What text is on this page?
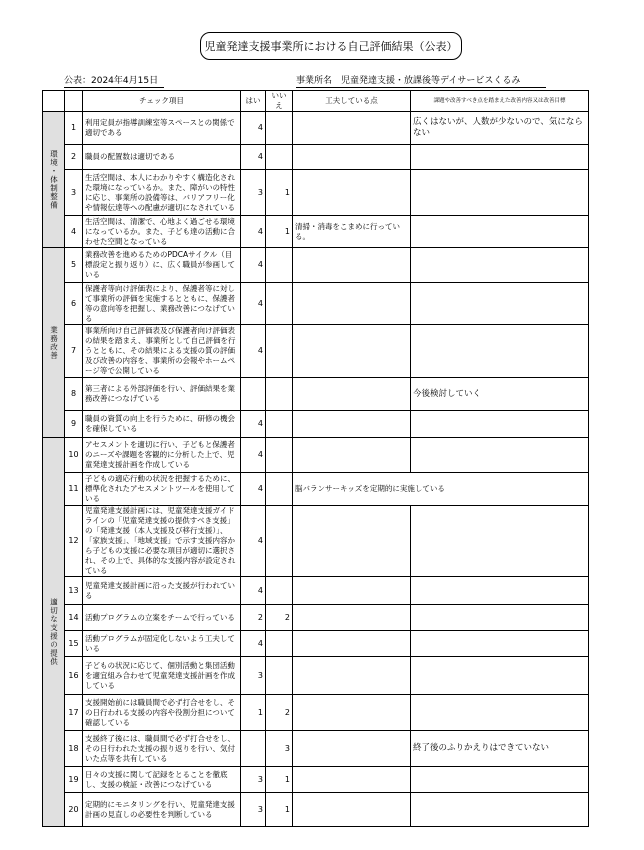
児童発達支援事業所における自己評価結果（公表）
公表：2024年4月15日	事業所名　児童発達支援・放課後等デイサービスくるみ
		チェック項目	はい	いいえ	工夫している点	課題や改善すべき点を踏まえた改善内容又は改善目標

環境・体制整備	1	利用定員が指導訓練室等スペースとの関係で適切である	4			広くはないが、人数が少ないので、気にならない
	2	職員の配置数は適切である	4			
	3	生活空間は、本人にわかりやすく構造化された環境になっているか。また、障がいの特性に応じ、事業所の設備等は、バリアフリー化や情報伝達等への配慮が適切になされている	3	1		
	4	生活空間は、清潔で、心地よく過ごせる環境になっているか。また、子ども達の活動に合わせた空間となっている	4	1	清掃・消毒をこまめに行っている。	

業務改善	5	業務改善を進めるためのPDCAサイクル（目標設定と振り返り）に、広く職員が参画している	4			
	6	保護者等向け評価表により、保護者等に対して事業所の評価を実施するとともに、保護者等の意向等を把握し、業務改善につなげている	4			
	7	事業所向け自己評価表及び保護者向け評価表の結果を踏まえ、事業所として自己評価を行うとともに、その結果による支援の質の評価及び改善の内容を、事業所の会報やホームページ等で公開している	4			
	8	第三者による外部評価を行い、評価結果を業務改善につなげている				今後検討していく
	9	職員の資質の向上を行うために、研修の機会を確保している	4			

適切な支援の提供	10	アセスメントを適切に行い、子どもと保護者のニーズや課題を客観的に分析した上で、児童発達支援計画を作成している	4			
	11	子どもの適応行動の状況を把握するために、標準化されたアセスメントツールを使用している	4		脳バランサーキッズを定期的に実施している	
	12	児童発達支援計画には、児童発達支援ガイドラインの「児童発達支援の提供すべき支援」の「発達支援（本人支援及び移行支援）」、「家族支援」、「地域支援」で示す支援内容から子どもの支援に必要な項目が適切に選択され、その上で、具体的な支援内容が設定されている	4			
	13	児童発達支援計画に沿った支援が行われている	4			
	14	活動プログラムの立案をチームで行っている	2	2		
	15	活動プログラムが固定化しないよう工夫している	4			
	16	子どもの状況に応じて、個別活動と集団活動を適宜組み合わせて児童発達支援計画を作成している	3			
	17	支援開始前には職員間で必ず打合せをし、その日行われる支援の内容や役割分担について確認している	1	2		
	18	支援終了後には、職員間で必ず打合せをし、その日行われた支援の振り返りを行い、気付いた点等を共有している		3		終了後のふりかえりはできていない
	19	日々の支援に関して記録をとることを徹底し、支援の検証・改善につなげている	3	1		
	20	定期的にモニタリングを行い、児童発達支援計画の見直しの必要性を判断している	3	1		
